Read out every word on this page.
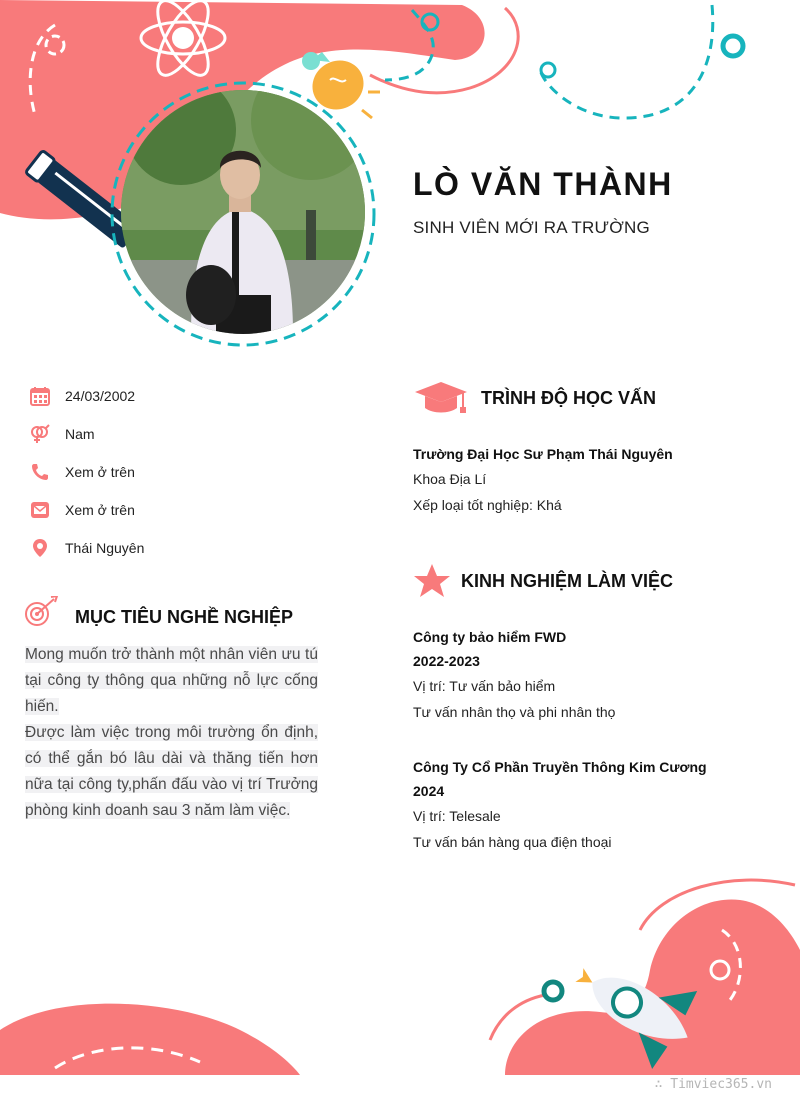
LÒ VĂN THÀNH
SINH VIÊN MỚI RA TRƯỜNG
24/03/2002
Nam
Xem ở trên
Xem ở trên
Thái Nguyên
MỤC TIÊU NGHỀ NGHIỆP
Mong muốn trở thành một nhân viên ưu tú tại công ty thông qua những nỗ lực cống hiến.
Được làm việc trong môi trường ổn định, có thể gắn bó lâu dài và thăng tiến hơn nữa tại công ty,phấn đấu vào vị trí Trưởng phòng kinh doanh sau 3 năm làm việc.
TRÌNH ĐỘ HỌC VẤN
Trường Đại Học Sư Phạm Thái Nguyên
Khoa Địa Lí
Xếp loại tốt nghiệp: Khá
KINH NGHIỆM LÀM VIỆC
Công ty bảo hiểm FWD
2022-2023
Vị trí: Tư vấn bảo hiểm
Tư vấn nhân thọ và phi nhân thọ
Công Ty Cổ Phần Truyền Thông Kim Cương
2024
Vị trí: Telesale
Tư vấn bán hàng qua điện thoại
∴ Timviec365.vn
